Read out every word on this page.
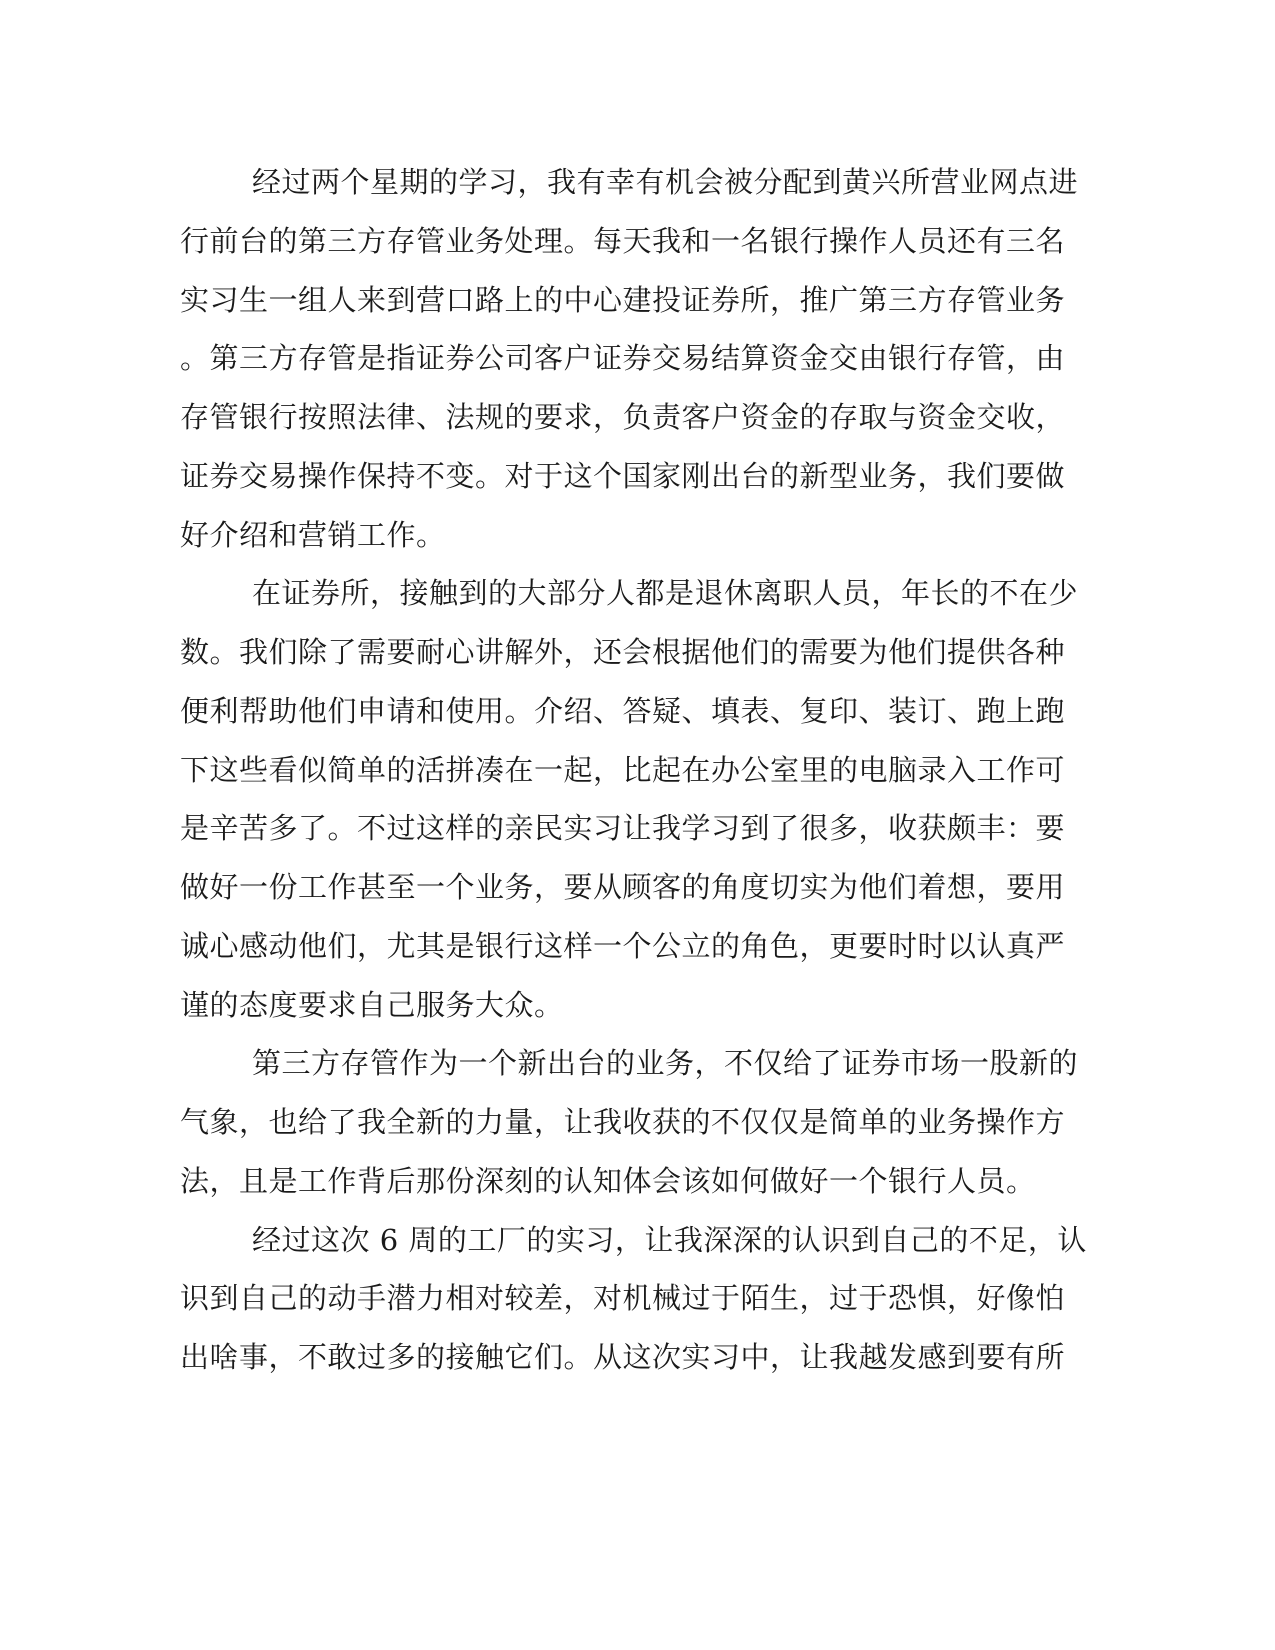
经过两个星期的学习，我有幸有机会被分配到黄兴所营业网点进
行前台的第三方存管业务处理。每天我和一名银行操作人员还有三名
实习生一组人来到营口路上的中心建投证券所，推广第三方存管业务
。第三方存管是指证券公司客户证券交易结算资金交由银行存管，由
存管银行按照法律、法规的要求，负责客户资金的存取与资金交收，
证券交易操作保持不变。对于这个国家刚出台的新型业务，我们要做
好介绍和营销工作。
在证券所，接触到的大部分人都是退休离职人员，年长的不在少
数。我们除了需要耐心讲解外，还会根据他们的需要为他们提供各种
便利帮助他们申请和使用。介绍、答疑、填表、复印、装订、跑上跑
下这些看似简单的活拼凑在一起，比起在办公室里的电脑录入工作可
是辛苦多了。不过这样的亲民实习让我学习到了很多，收获颇丰：要
做好一份工作甚至一个业务，要从顾客的角度切实为他们着想，要用
诚心感动他们，尤其是银行这样一个公立的角色，更要时时以认真严
谨的态度要求自己服务大众。
第三方存管作为一个新出台的业务，不仅给了证券市场一股新的
气象，也给了我全新的力量，让我收获的不仅仅是简单的业务操作方
法，且是工作背后那份深刻的认知体会该如何做好一个银行人员。
经过这次 6 周的工厂的实习，让我深深的认识到自己的不足，认
识到自己的动手潜力相对较差，对机械过于陌生，过于恐惧，好像怕
出啥事，不敢过多的接触它们。从这次实习中，让我越发感到要有所
